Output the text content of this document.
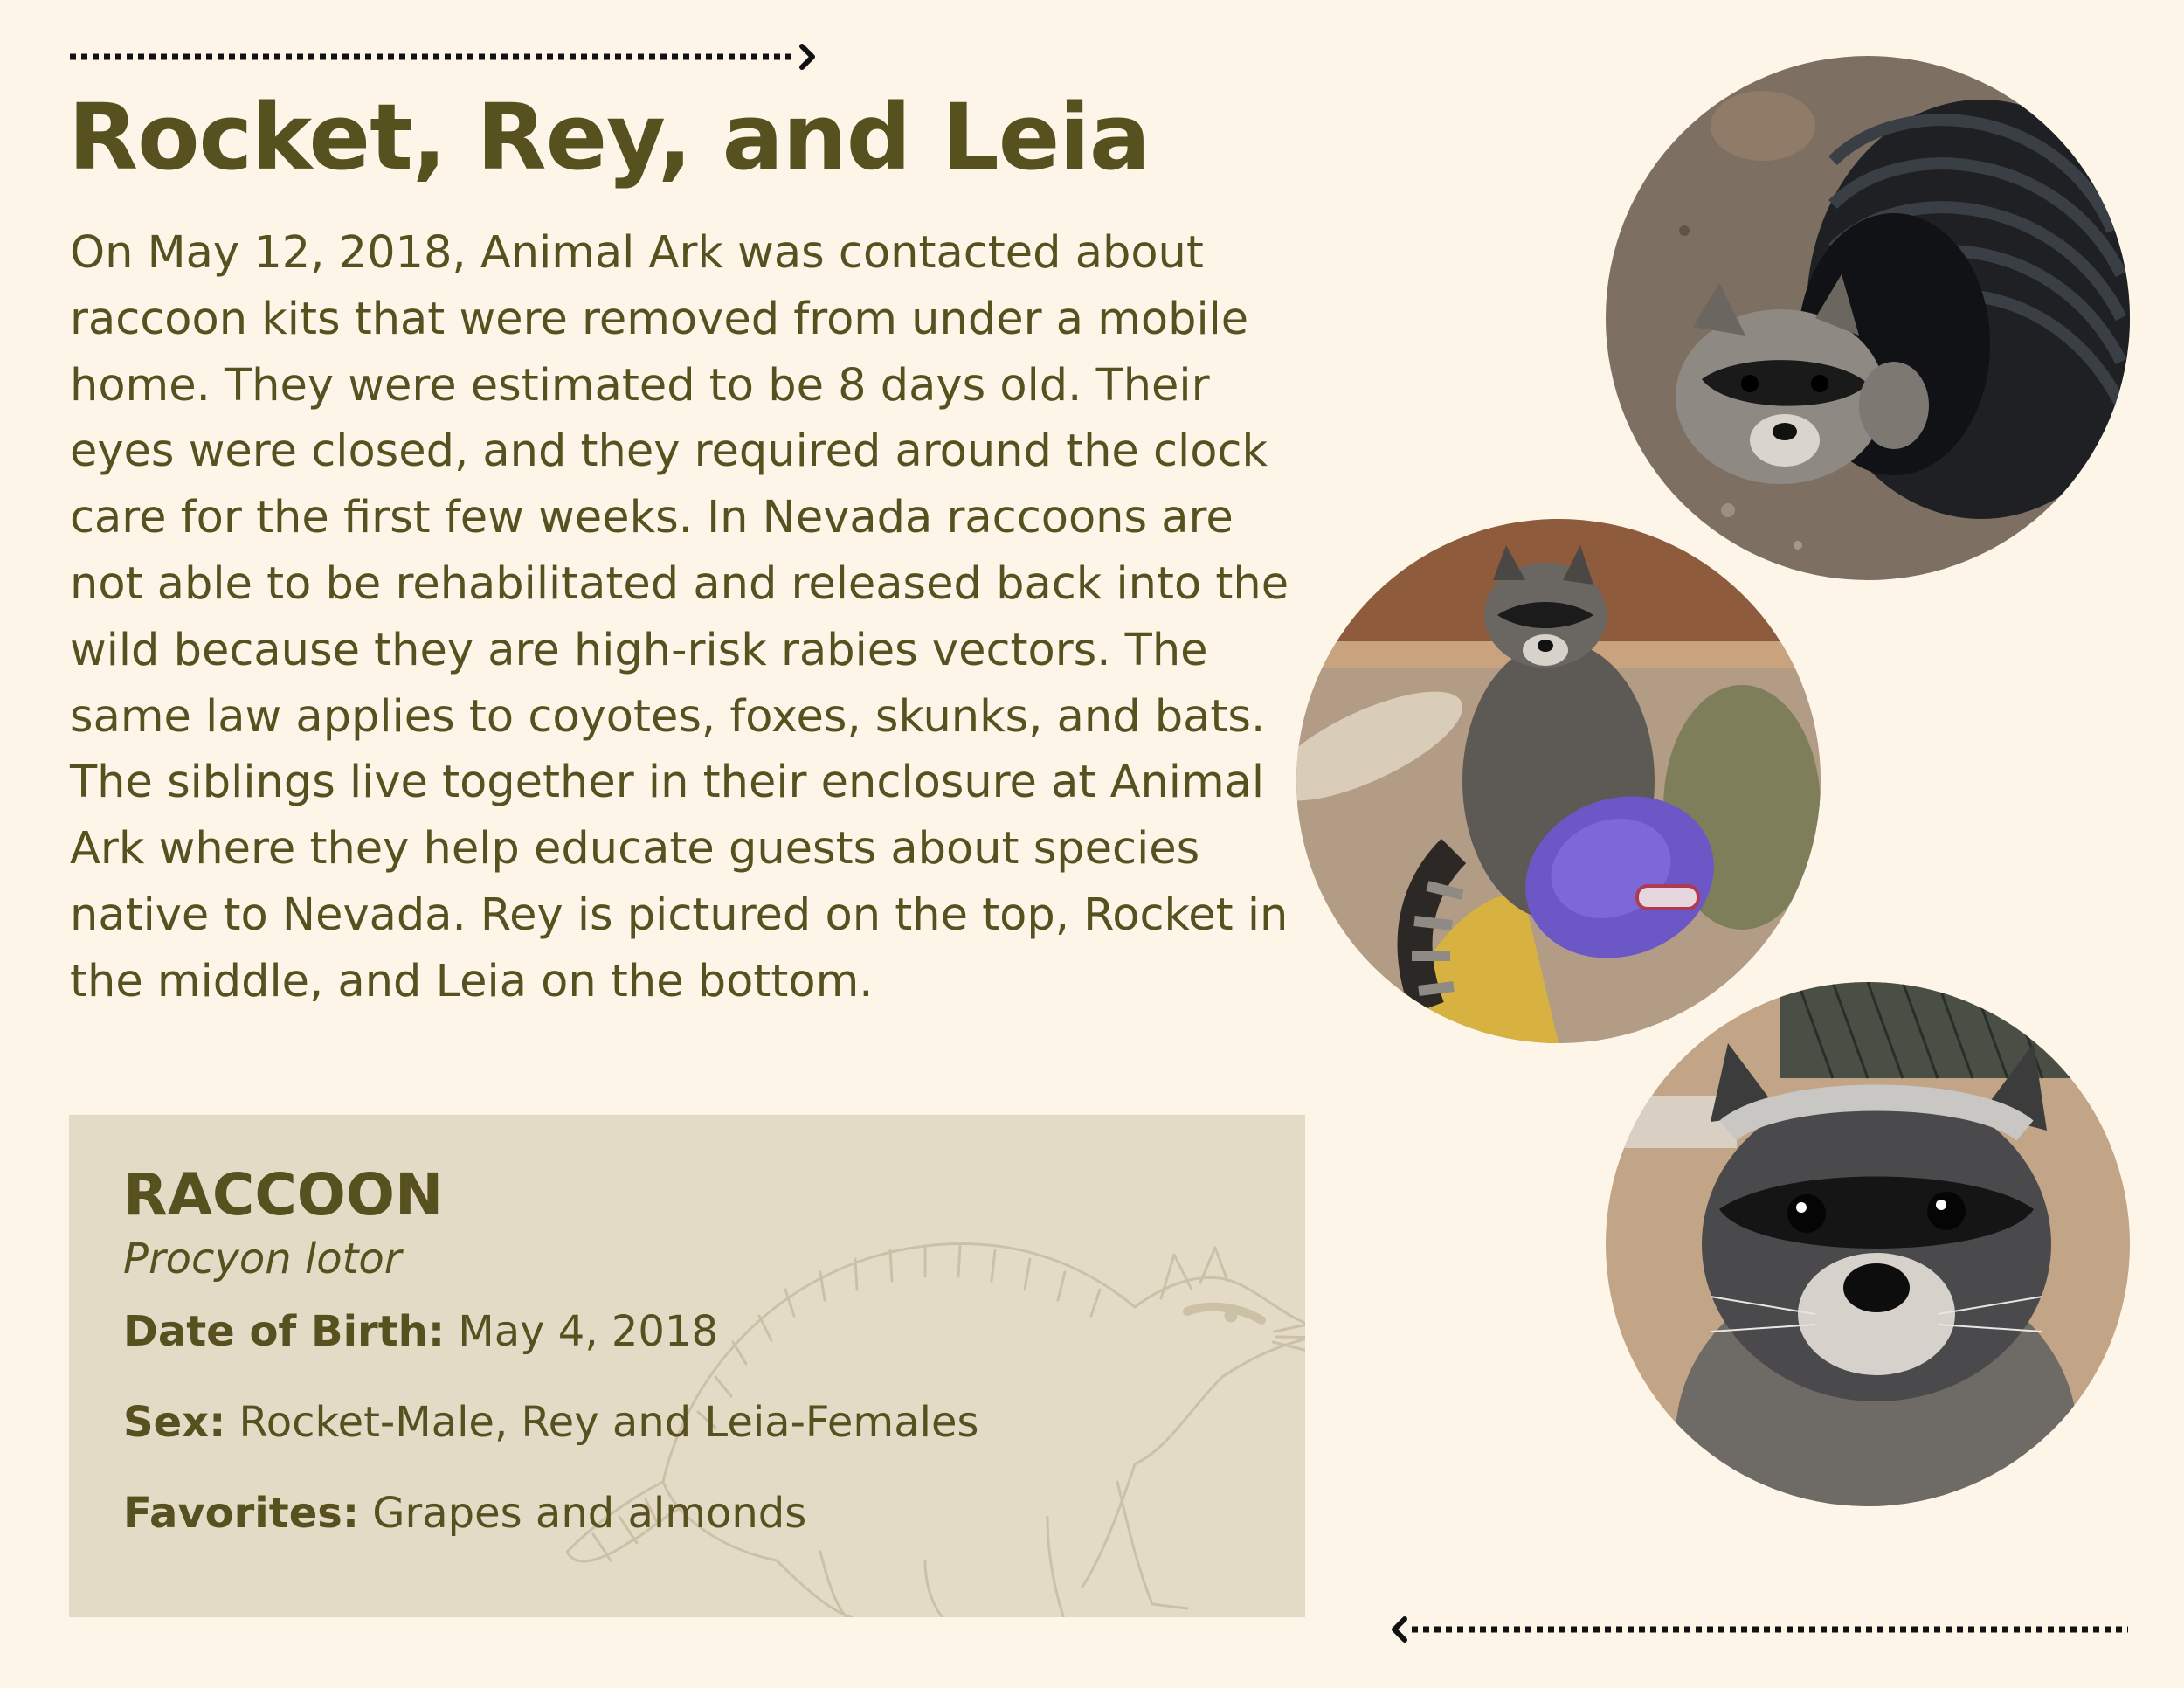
Rocket, Rey, and Leia

On May 12, 2018, Animal Ark was contacted about raccoon kits that were removed from under a mobile home. They were estimated to be 8 days old. Their eyes were closed, and they required around the clock care for the first few weeks. In Nevada raccoons are not able to be rehabilitated and released back into the wild because they are high-risk rabies vectors. The same law applies to coyotes, foxes, skunks, and bats. The siblings live together in their enclosure at Animal Ark where they help educate guests about species native to Nevada. Rey is pictured on the top, Rocket in the middle, and Leia on the bottom.

RACCOON

Procyon lotor

Date of Birth: May 4, 2018

Sex: Rocket-Male, Rey and Leia-Females

Favorites: Grapes and almonds
